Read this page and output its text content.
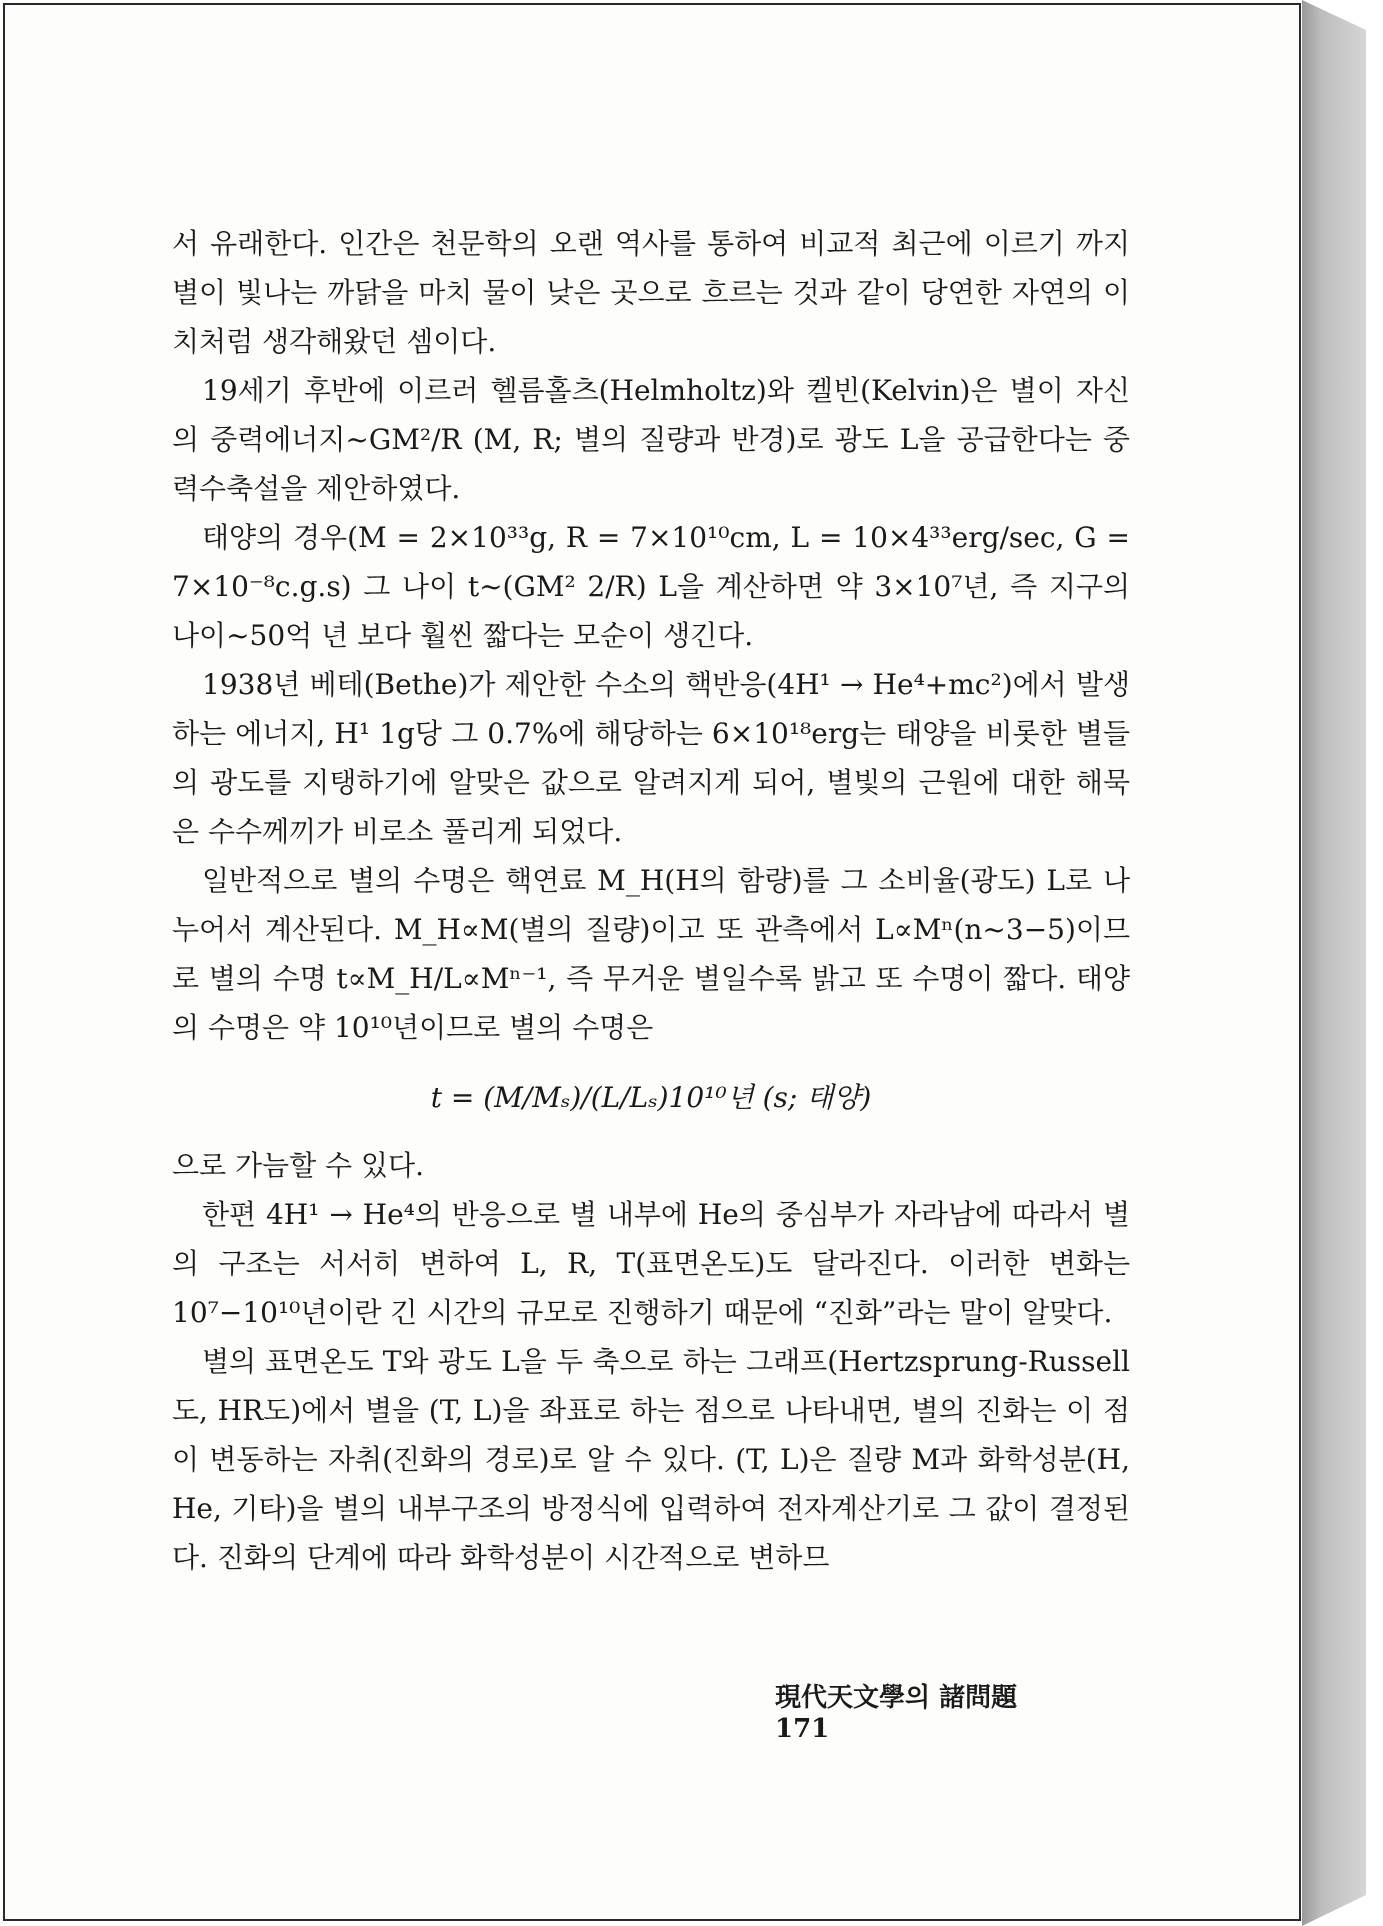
서 유래한다. 인간은 천문학의 오랜 역사를 통하여 비교적 최근에 이르기 까지 별이 빛나는 까닭을 마치 물이 낮은 곳으로 흐르는 것과 같이 당연한 자연의 이치처럼 생각해왔던 셈이다.

19세기 후반에 이르러 헬름홀츠(Helmholtz)와 켈빈(Kelvin)은 별이 자신의 중력에너지~GM²/R (M, R; 별의 질량과 반경)로 광도 L을 공급한다는 중력수축설을 제안하였다.

태양의 경우(M = 2×10³³g, R = 7×10¹⁰cm, L = 10×4³³erg/sec, G = 7×10⁻⁸c.g.s) 그 나이 t~(GM² 2/R) L을 계산하면 약 3×10⁷년, 즉 지구의 나이~50억 년 보다 훨씬 짧다는 모순이 생긴다.

1938년 베테(Bethe)가 제안한 수소의 핵반응(4H¹ → He⁴+mc²)에서 발생하는 에너지, H¹ 1g당 그 0.7%에 해당하는 6×10¹⁸erg는 태양을 비롯한 별들의 광도를 지탱하기에 알맞은 값으로 알려지게 되어, 별빛의 근원에 대한 해묵은 수수께끼가 비로소 풀리게 되었다.

일반적으로 별의 수명은 핵연료 M_H(H의 함량)를 그 소비율(광도) L로 나누어서 계산된다. M_H∝M(별의 질량)이고 또 관측에서 L∝Mⁿ(n~3−5)이므로 별의 수명 t∝M_H/L∝Mⁿ⁻¹, 즉 무거운 별일수록 밝고 또 수명이 짧다. 태양의 수명은 약 10¹⁰년이므로 별의 수명은

t = (M/Mₛ)/(L/Lₛ)10¹⁰년 (s; 태양)

으로 가늠할 수 있다.

한편 4H¹ → He⁴의 반응으로 별 내부에 He의 중심부가 자라남에 따라서 별의 구조는 서서히 변하여 L, R, T(표면온도)도 달라진다. 이러한 변화는 10⁷−10¹⁰년이란 긴 시간의 규모로 진행하기 때문에 “진화”라는 말이 알맞다.

별의 표면온도 T와 광도 L을 두 축으로 하는 그래프(Hertzsprung-Russell도, HR도)에서 별을 (T, L)을 좌표로 하는 점으로 나타내면, 별의 진화는 이 점이 변동하는 자취(진화의 경로)로 알 수 있다. (T, L)은 질량 M과 화학성분(H, He, 기타)을 별의 내부구조의 방정식에 입력하여 전자계산기로 그 값이 결정된다. 진화의 단계에 따라 화학성분이 시간적으로 변하므

現代天文學의 諸問題 171
